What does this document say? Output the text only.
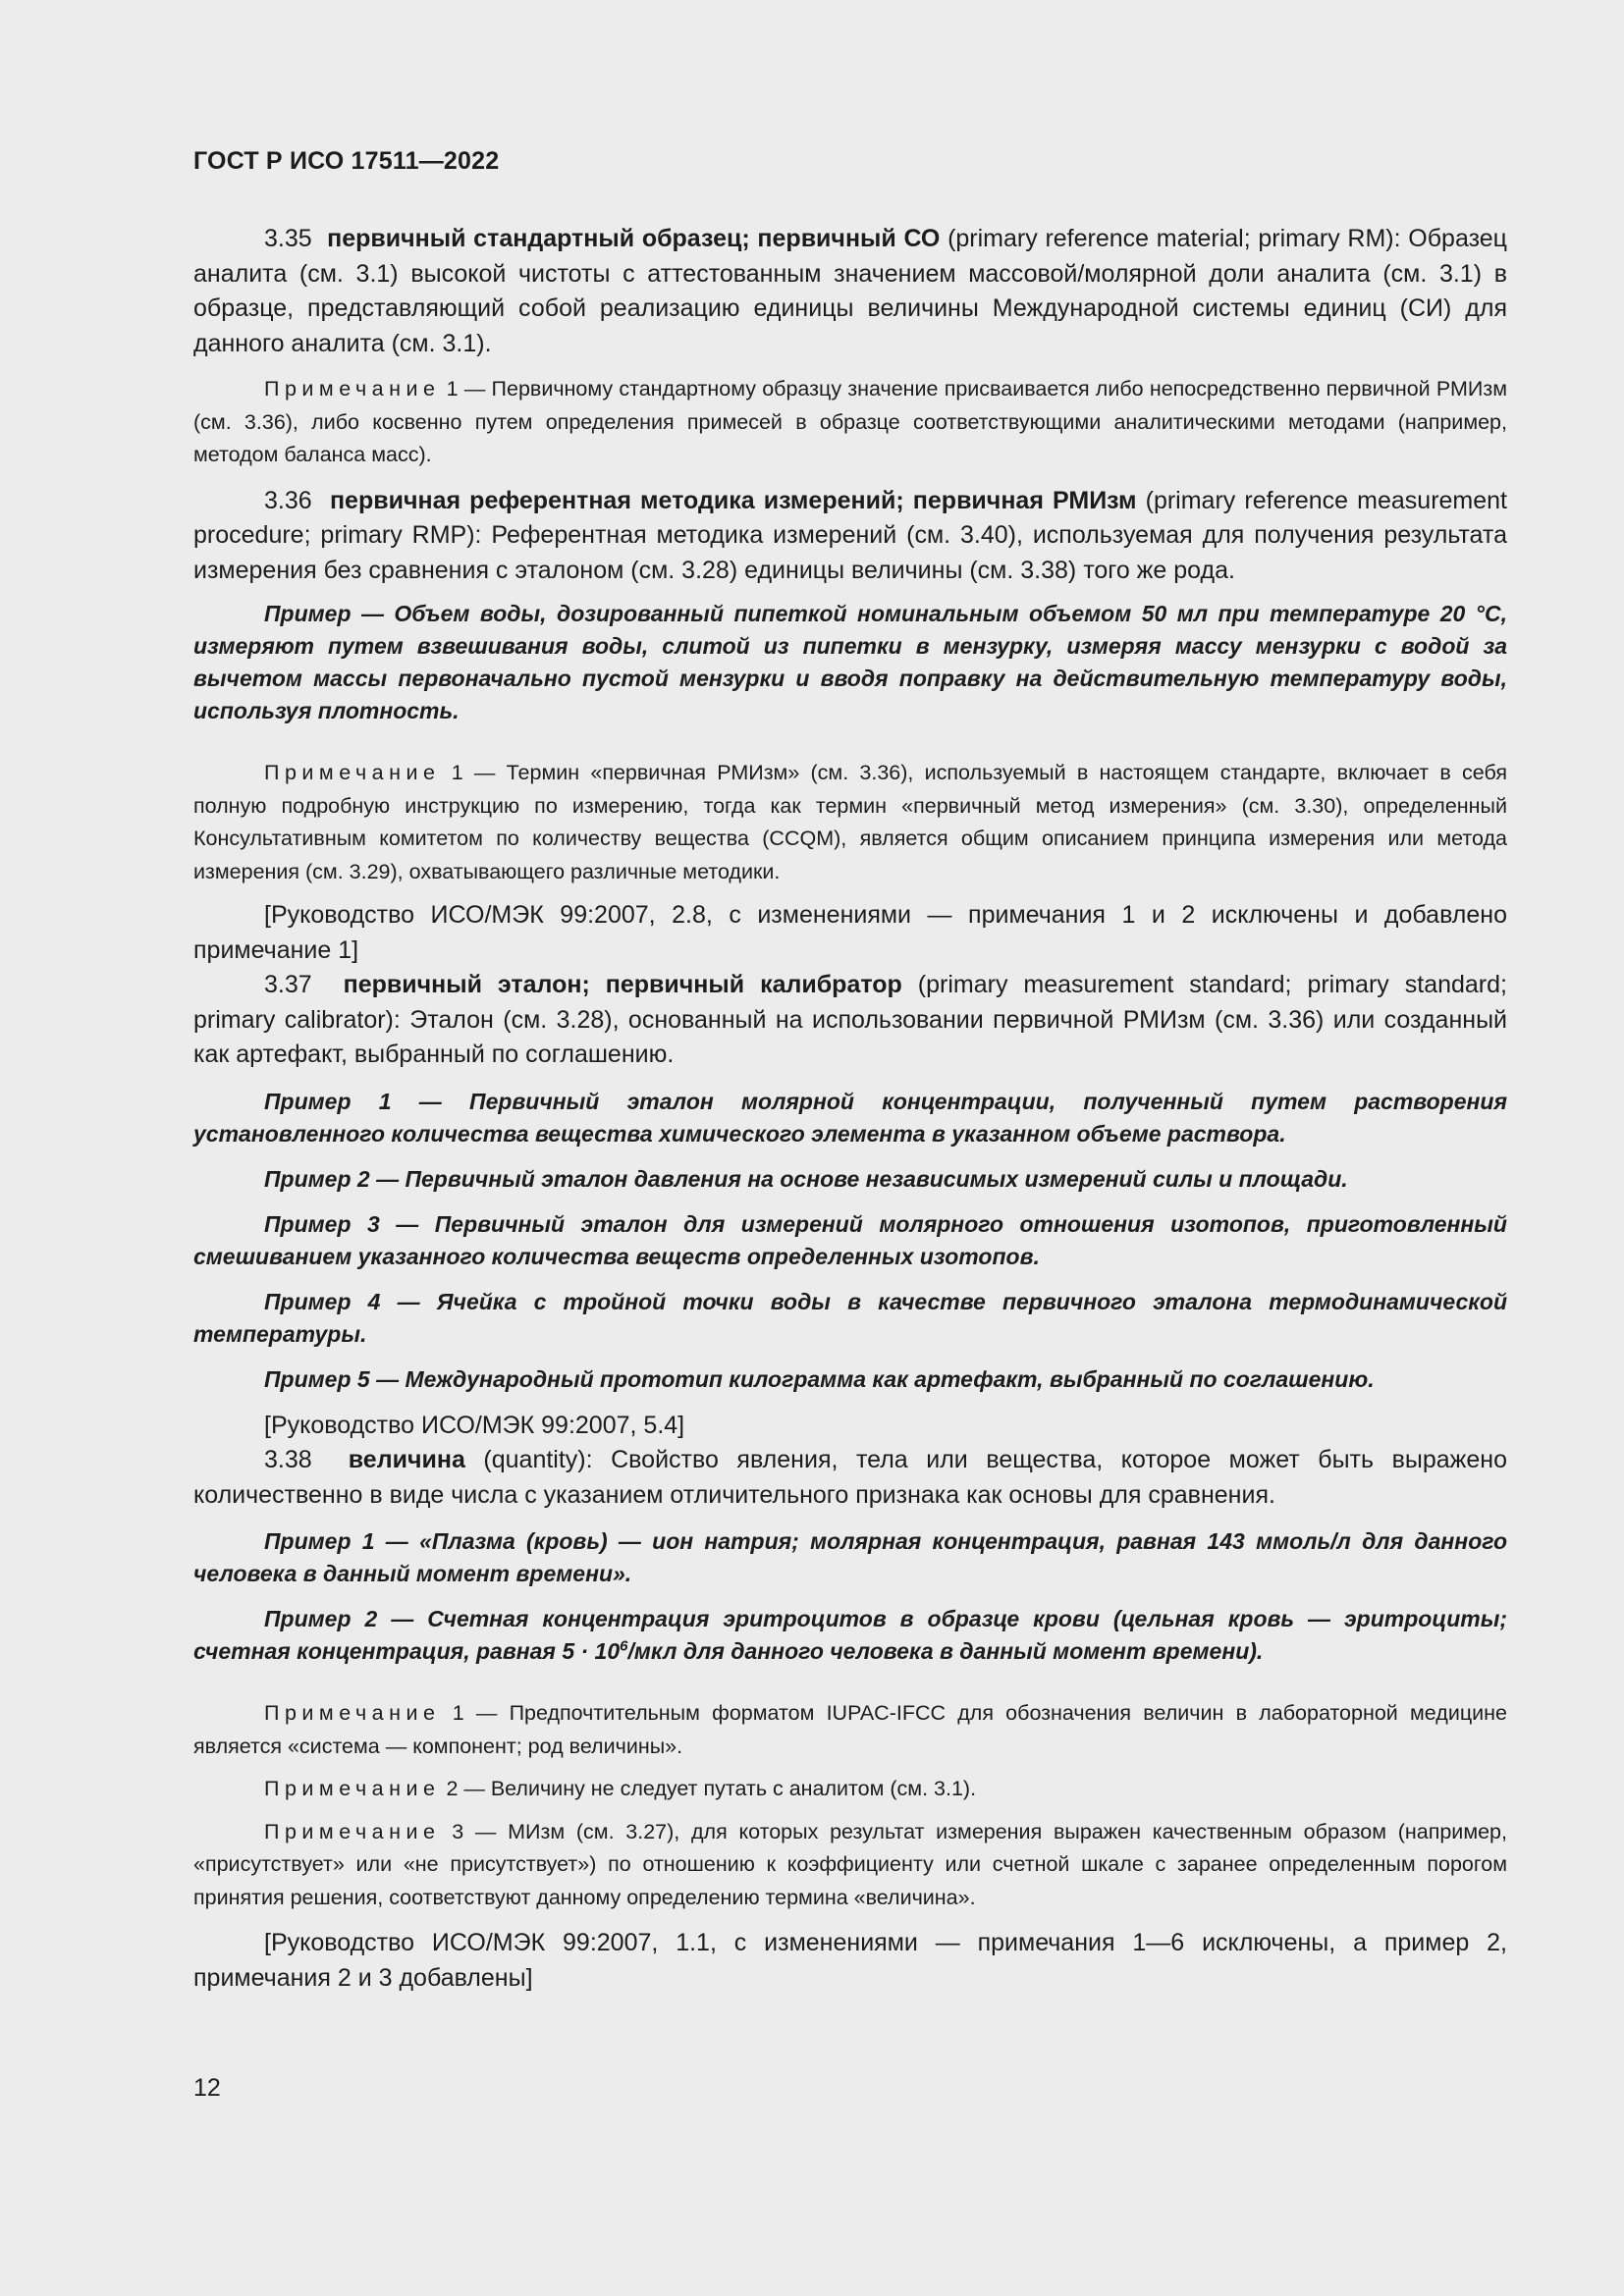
ГОСТ Р ИСО 17511—2022

3.35 первичный стандартный образец; первичный СО (primary reference material; primary RM): Образец аналита (см. 3.1) высокой чистоты с аттестованным значением массовой/молярной доли аналита (см. 3.1) в образце, представляющий собой реализацию единицы величины Международной системы единиц (СИ) для данного аналита (см. 3.1).

Примечание 1 — Первичному стандартному образцу значение присваивается либо непосредственно первичной РМИзм (см. 3.36), либо косвенно путем определения примесей в образце соответствующими аналитическими методами (например, методом баланса масс).

3.36 первичная референтная методика измерений; первичная РМИзм (primary reference measurement procedure; primary RMP): Референтная методика измерений (см. 3.40), используемая для получения результата измерения без сравнения с эталоном (см. 3.28) единицы величины (см. 3.38) того же рода.

Пример — Объем воды, дозированный пипеткой номинальным объемом 50 мл при температуре 20 °С, измеряют путем взвешивания воды, слитой из пипетки в мензурку, измеряя массу мензурки с водой за вычетом массы первоначально пустой мензурки и вводя поправку на действительную температуру воды, используя плотность.

Примечание 1 — Термин «первичная РМИзм» (см. 3.36), используемый в настоящем стандарте, включает в себя полную подробную инструкцию по измерению, тогда как термин «первичный метод измерения» (см. 3.30), определенный Консультативным комитетом по количеству вещества (CCQM), является общим описанием принципа измерения или метода измерения (см. 3.29), охватывающего различные методики.

[Руководство ИСО/МЭК 99:2007, 2.8, с изменениями — примечания 1 и 2 исключены и добавлено примечание 1]

3.37 первичный эталон; первичный калибратор (primary measurement standard; primary standard; primary calibrator): Эталон (см. 3.28), основанный на использовании первичной РМИзм (см. 3.36) или созданный как артефакт, выбранный по соглашению.

Пример 1 — Первичный эталон молярной концентрации, полученный путем растворения установленного количества вещества химического элемента в указанном объеме раствора.

Пример 2 — Первичный эталон давления на основе независимых измерений силы и площади.

Пример 3 — Первичный эталон для измерений молярного отношения изотопов, приготовленный смешиванием указанного количества веществ определенных изотопов.

Пример 4 — Ячейка с тройной точки воды в качестве первичного эталона термодинамической температуры.

Пример 5 — Международный прототип килограмма как артефакт, выбранный по соглашению.

[Руководство ИСО/МЭК 99:2007, 5.4]

3.38 величина (quantity): Свойство явления, тела или вещества, которое может быть выражено количественно в виде числа с указанием отличительного признака как основы для сравнения.

Пример 1 — «Плазма (кровь) — ион натрия; молярная концентрация, равная 143 ммоль/л для данного человека в данный момент времени».

Пример 2 — Счетная концентрация эритроцитов в образце крови (цельная кровь — эритроциты; счетная концентрация, равная $5 \cdot 10^6$/мкл для данного человека в данный момент времени).

Примечание 1 — Предпочтительным форматом IUPAC-IFCC для обозначения величин в лабораторной медицине является «система — компонент; род величины».

Примечание 2 — Величину не следует путать с аналитом (см. 3.1).

Примечание 3 — МИзм (см. 3.27), для которых результат измерения выражен качественным образом (например, «присутствует» или «не присутствует») по отношению к коэффициенту или счетной шкале с заранее определенным порогом принятия решения, соответствуют данному определению термина «величина».

[Руководство ИСО/МЭК 99:2007, 1.1, с изменениями — примечания 1—6 исключены, а пример 2, примечания 2 и 3 добавлены]

12
